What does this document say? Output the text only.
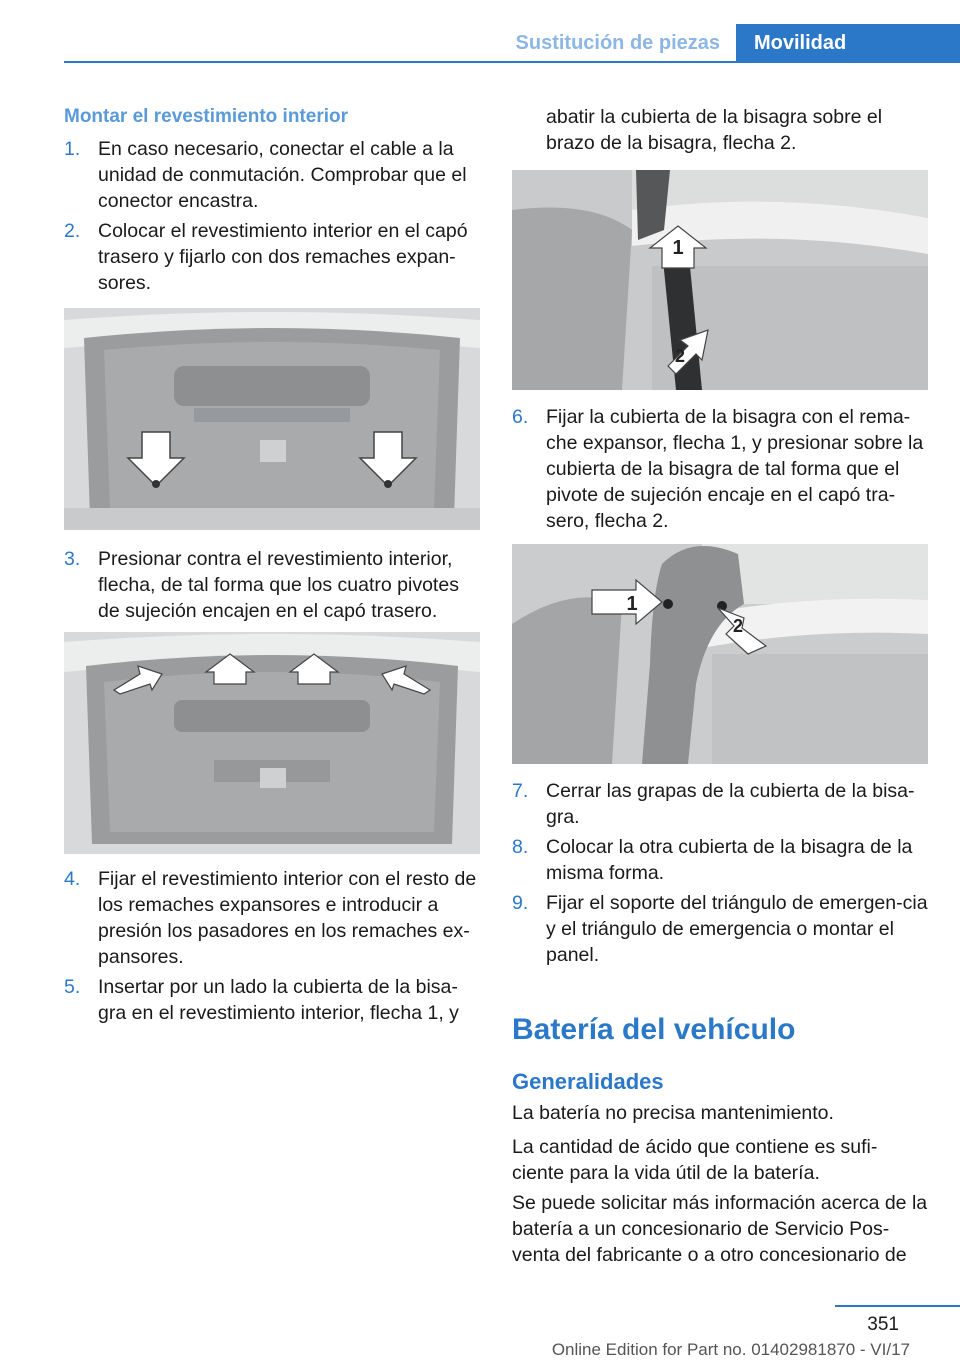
Sustitución de piezas	Movilidad
Montar el revestimiento interior
1. En caso necesario, conectar el cable a la unidad de conmutación. Comprobar que el conector encastra.
2. Colocar el revestimiento interior en el capó trasero y fijarlo con dos remaches expan‐sores.
3. Presionar contra el revestimiento interior, flecha, de tal forma que los cuatro pivotes de sujeción encajen en el capó trasero.
4. Fijar el revestimiento interior con el resto de los remaches expansores e introducir a presión los pasadores en los remaches ex‐pansores.
5. Insertar por un lado la cubierta de la bisa‐gra en el revestimiento interior, flecha 1, y
abatir la cubierta de la bisagra sobre el brazo de la bisagra, flecha 2.
1
2
6. Fijar la cubierta de la bisagra con el rema‐che expansor, flecha 1, y presionar sobre la cubierta de la bisagra de tal forma que el pivote de sujeción encaje en el capó tra‐sero, flecha 2.
1
2
7. Cerrar las grapas de la cubierta de la bisa‐gra.
8. Colocar la otra cubierta de la bisagra de la misma forma.
9. Fijar el soporte del triángulo de emergen‐cia y el triángulo de emergencia o montar el panel.
Batería del vehículo
Generalidades
La batería no precisa mantenimiento.
La cantidad de ácido que contiene es sufi‐ciente para la vida útil de la batería.
Se puede solicitar más información acerca de la batería a un concesionario de Servicio Pos‐venta del fabricante o a otro concesionario de
351
Online Edition for Part no. 01402981870 - VI/17
